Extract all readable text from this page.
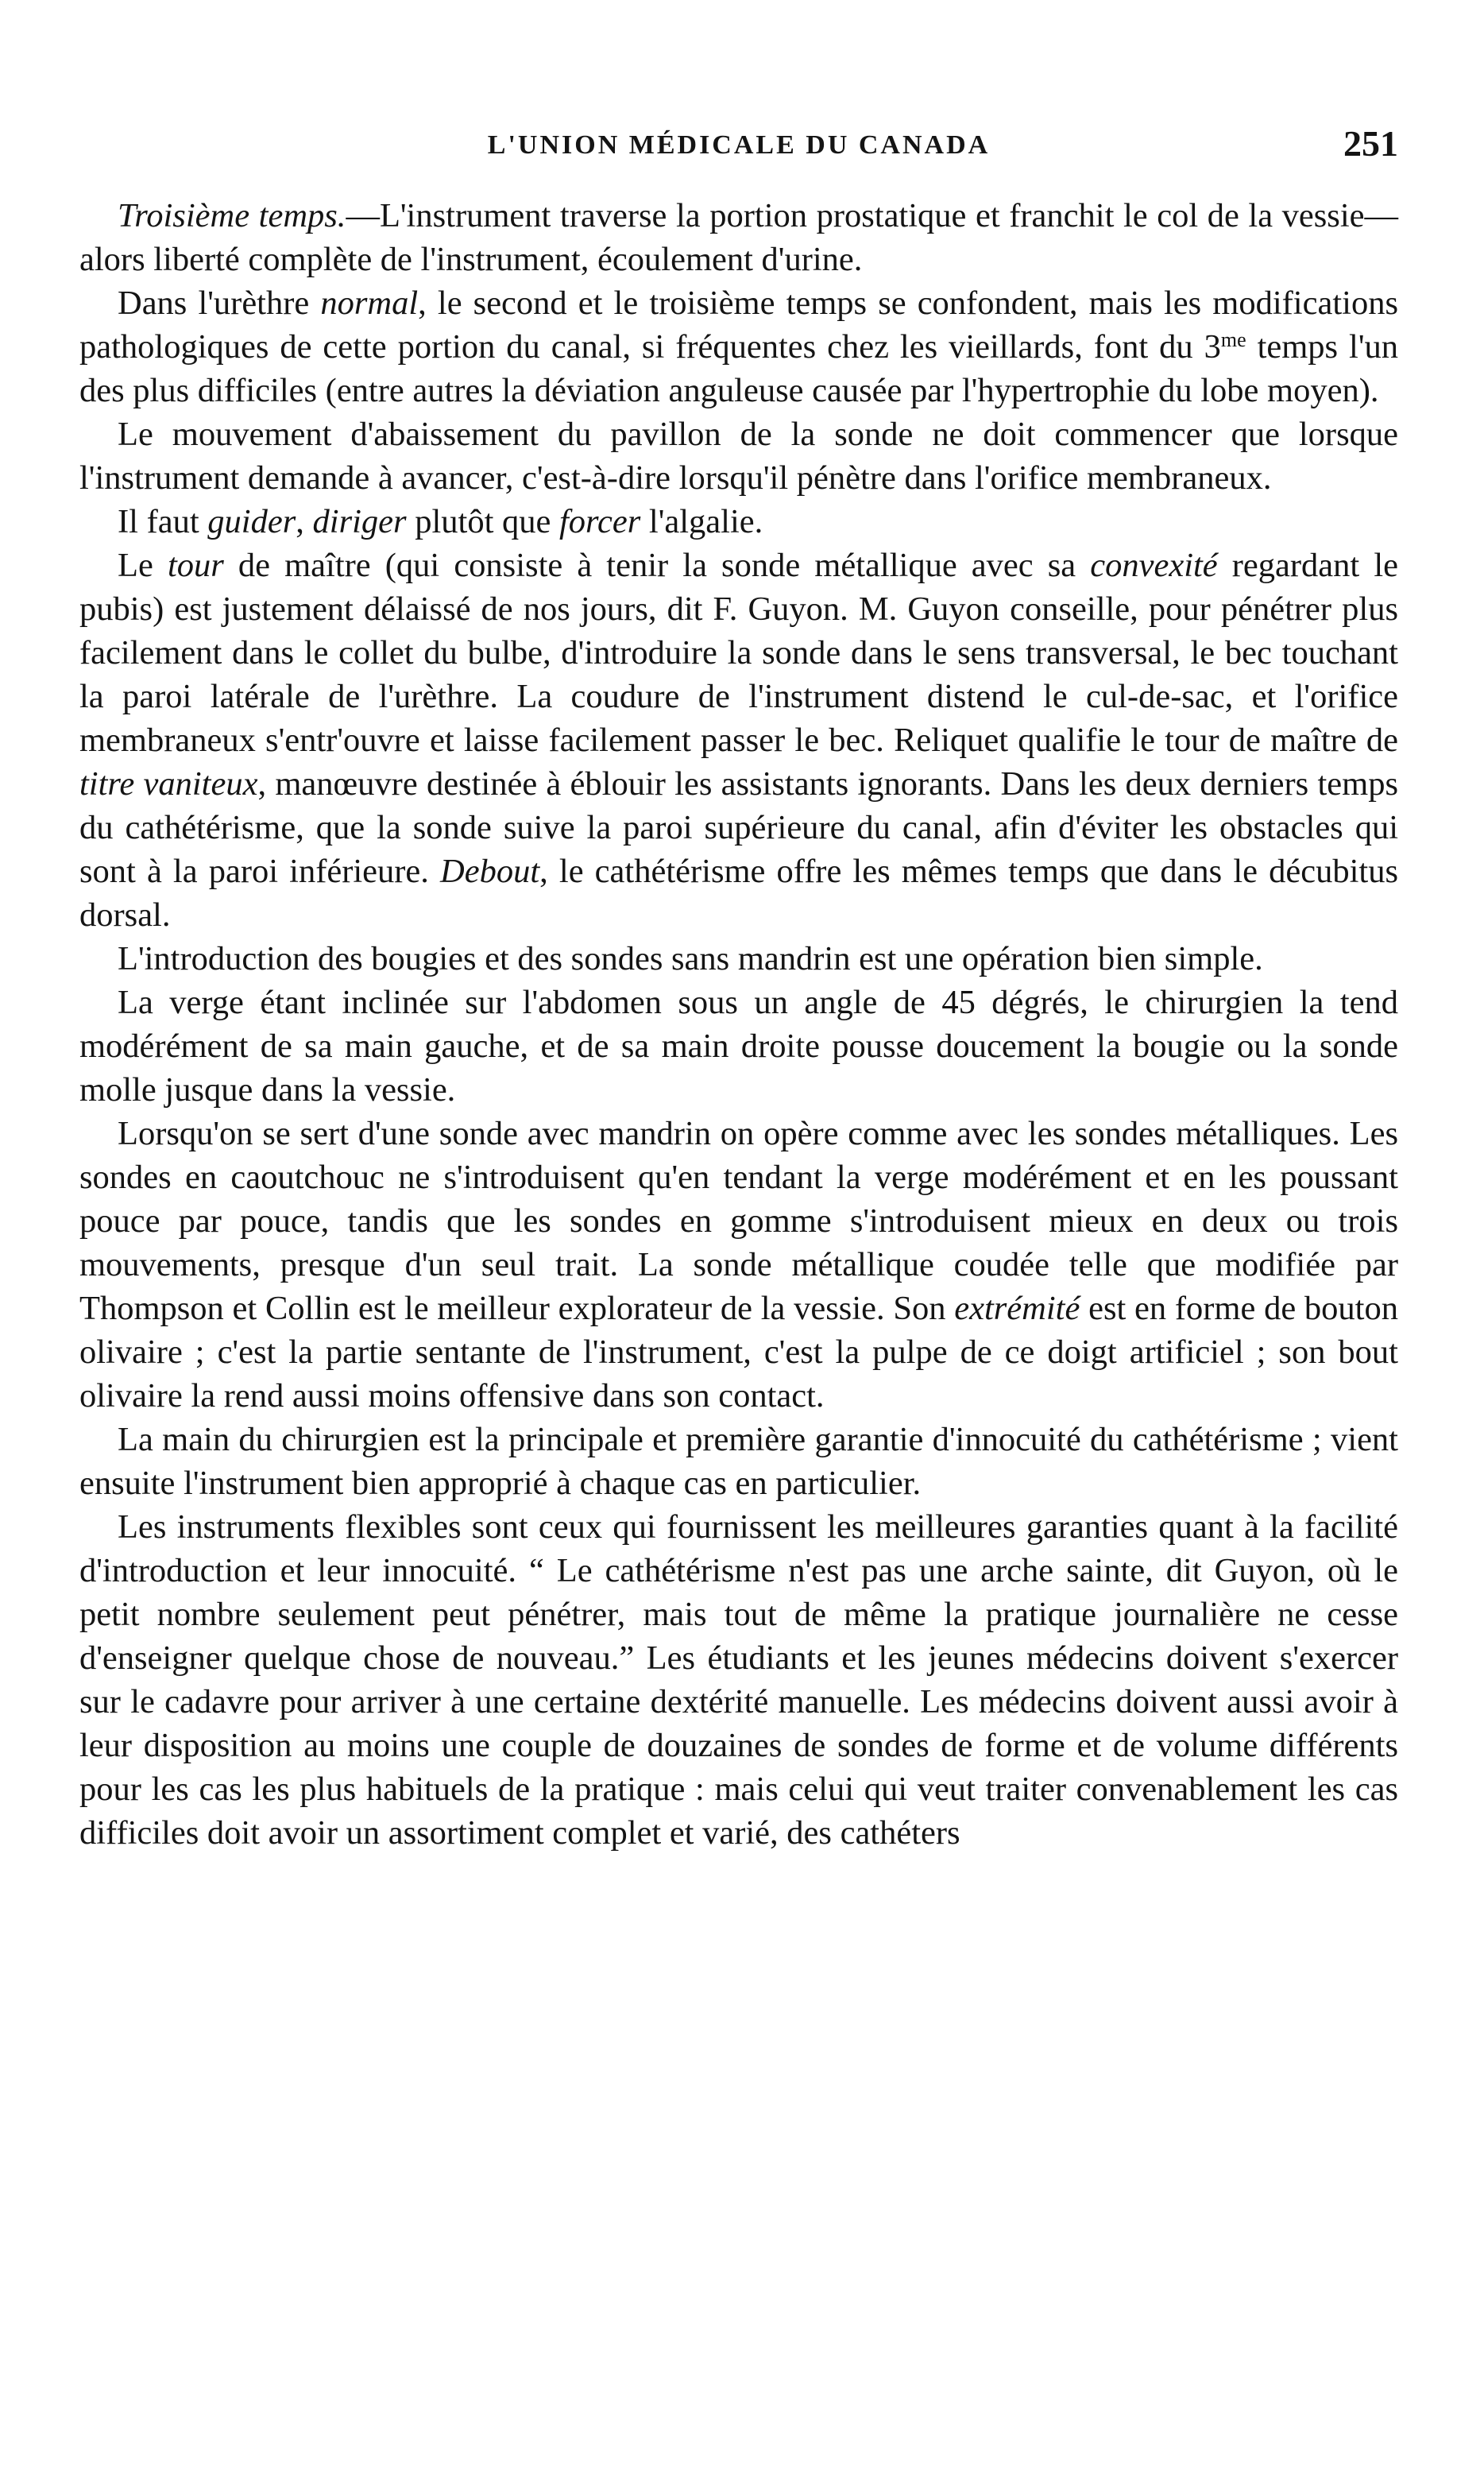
L'UNION MÉDICALE DU CANADA	251

Troisième temps.—L'instrument traverse la portion prostatique et franchit le col de la vessie—alors liberté complète de l'instrument, écoulement d'urine.

Dans l'urèthre normal, le second et le troisième temps se confondent, mais les modifications pathologiques de cette portion du canal, si fréquentes chez les vieillards, font du $3^{me}$ temps l'un des plus difficiles (entre autres la déviation anguleuse causée par l'hypertrophie du lobe moyen).

Le mouvement d'abaissement du pavillon de la sonde ne doit commencer que lorsque l'instrument demande à avancer, c'est-à-dire lorsqu'il pénètre dans l'orifice membraneux.

Il faut guider, diriger plutôt que forcer l'algalie.

Le tour de maître (qui consiste à tenir la sonde métallique avec sa convexité regardant le pubis) est justement délaissé de nos jours, dit F. Guyon. M. Guyon conseille, pour pénétrer plus facilement dans le collet du bulbe, d'introduire la sonde dans le sens transversal, le bec touchant la paroi latérale de l'urèthre. La coudure de l'instrument distend le cul-de-sac, et l'orifice membraneux s'entr'ouvre et laisse facilement passer le bec. Reliquet qualifie le tour de maître de titre vaniteux, manœuvre destinée à éblouir les assistants ignorants. Dans les deux derniers temps du cathétérisme, que la sonde suive la paroi supérieure du canal, afin d'éviter les obstacles qui sont à la paroi inférieure. Debout, le cathétérisme offre les mêmes temps que dans le décubitus dorsal.

L'introduction des bougies et des sondes sans mandrin est une opération bien simple.

La verge étant inclinée sur l'abdomen sous un angle de 45 dégrés, le chirurgien la tend modérément de sa main gauche, et de sa main droite pousse doucement la bougie ou la sonde molle jusque dans la vessie.

Lorsqu'on se sert d'une sonde avec mandrin on opère comme avec les sondes métalliques. Les sondes en caoutchouc ne s'introduisent qu'en tendant la verge modérément et en les poussant pouce par pouce, tandis que les sondes en gomme s'introduisent mieux en deux ou trois mouvements, presque d'un seul trait. La sonde métallique coudée telle que modifiée par Thompson et Collin est le meilleur explorateur de la vessie. Son extrémité est en forme de bouton olivaire ; c'est la partie sentante de l'instrument, c'est la pulpe de ce doigt artificiel ; son bout olivaire la rend aussi moins offensive dans son contact.

La main du chirurgien est la principale et première garantie d'innocuité du cathétérisme ; vient ensuite l'instrument bien approprié à chaque cas en particulier.

Les instruments flexibles sont ceux qui fournissent les meilleures garanties quant à la facilité d'introduction et leur innocuité. “ Le cathétérisme n'est pas une arche sainte, dit Guyon, où le petit nombre seulement peut pénétrer, mais tout de même la pratique journalière ne cesse d'enseigner quelque chose de nouveau.” Les étudiants et les jeunes médecins doivent s'exercer sur le cadavre pour arriver à une certaine dextérité manuelle. Les médecins doivent aussi avoir à leur disposition au moins une couple de douzaines de sondes de forme et de volume différents pour les cas les plus habituels de la pratique : mais celui qui veut traiter convenablement les cas difficiles doit avoir un assortiment complet et varié, des cathéters
